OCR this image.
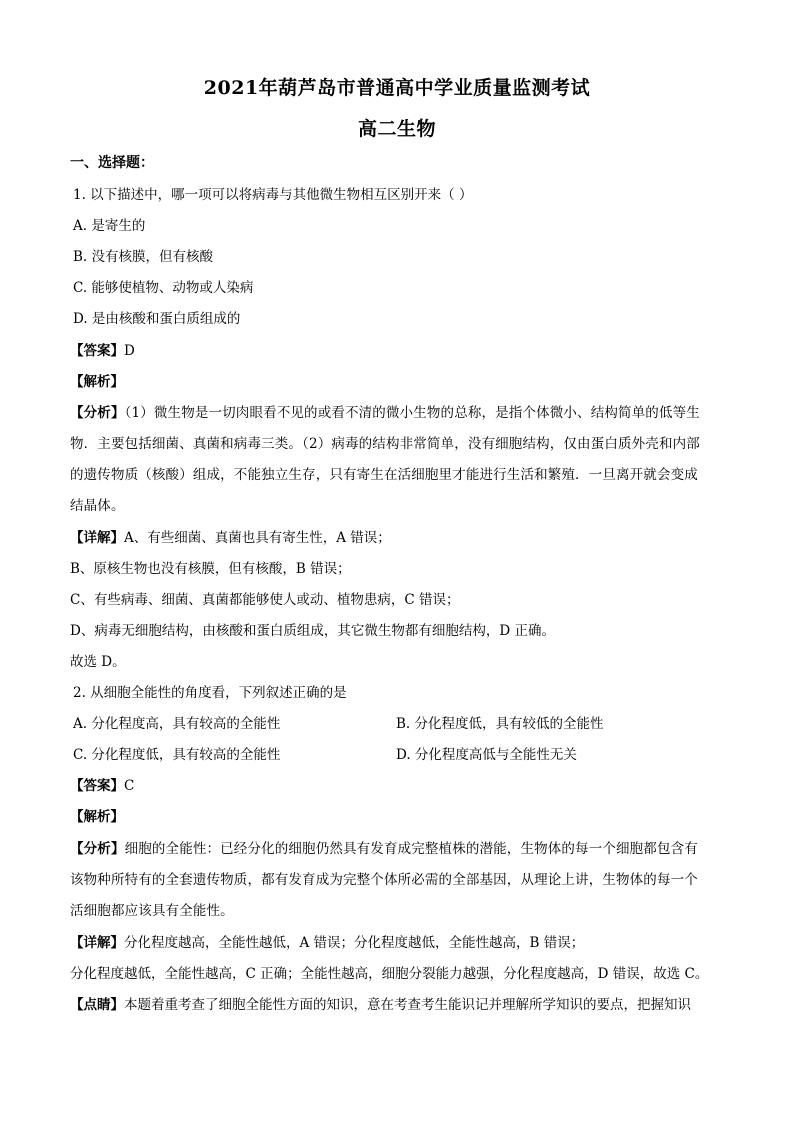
2021年葫芦岛市普通高中学业质量监测考试
高二生物
一、选择题：
1. 以下描述中，哪一项可以将病毒与其他微生物相互区别开来（ ）
A. 是寄生的
B. 没有核膜，但有核酸
C. 能够使植物、动物或人染病
D. 是由核酸和蛋白质组成的
【答案】D
【解析】
【分析】（1）微生物是一切肉眼看不见的或看不清的微小生物的总称，是指个体微小、结构简单的低等生
物．主要包括细菌、真菌和病毒三类。（2）病毒的结构非常简单，没有细胞结构，仅由蛋白质外壳和内部
的遗传物质（核酸）组成，不能独立生存，只有寄生在活细胞里才能进行生活和繁殖．一旦离开就会变成
结晶体。
【详解】A、有些细菌、真菌也具有寄生性，A 错误；
B、原核生物也没有核膜，但有核酸，B 错误；
C、有些病毒、细菌、真菌都能够使人或动、植物患病，C 错误；
D、病毒无细胞结构，由核酸和蛋白质组成，其它微生物都有细胞结构，D 正确。
故选 D。
2. 从细胞全能性的角度看，下列叙述正确的是
A. 分化程度高，具有较高的全能性	B. 分化程度低，具有较低的全能性
C. 分化程度低，具有较高的全能性	D. 分化程度高低与全能性无关
【答案】C
【解析】
【分析】细胞的全能性：已经分化的细胞仍然具有发育成完整植株的潜能，生物体的每一个细胞都包含有
该物种所特有的全套遗传物质，都有发育成为完整个体所必需的全部基因，从理论上讲，生物体的每一个
活细胞都应该具有全能性。
【详解】分化程度越高，全能性越低，A 错误；分化程度越低，全能性越高，B 错误；
分化程度越低，全能性越高，C 正确；全能性越高，细胞分裂能力越强，分化程度越高，D 错误，故选 C。
【点睛】本题着重考查了细胞全能性方面的知识，意在考查考生能识记并理解所学知识的要点，把握知识
